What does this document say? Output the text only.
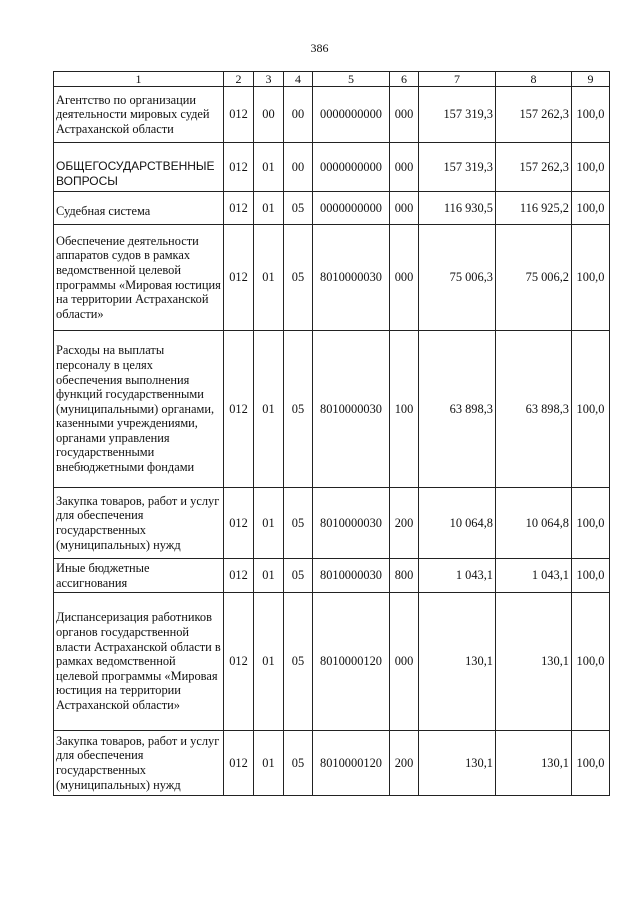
386
1	2	3	4	5	6	7	8	9
Агентство по организации деятельности мировых судей Астраханской области	012	00	00	0000000000	000	157 319,3	157 262,3	100,0
ОБЩЕГОСУДАРСТВЕННЫЕ ВОПРОСЫ	012	01	00	0000000000	000	157 319,3	157 262,3	100,0
Судебная система	012	01	05	0000000000	000	116 930,5	116 925,2	100,0
Обеспечение деятельности аппаратов судов в рамках ведомственной целевой программы «Мировая юстиция на территории Астраханской области»	012	01	05	8010000030	000	75 006,3	75 006,2	100,0
Расходы на выплаты персоналу в целях обеспечения выполнения функций государственными (муниципальными) органами, казенными учреждениями, органами управления государственными внебюджетными фондами	012	01	05	8010000030	100	63 898,3	63 898,3	100,0
Закупка товаров, работ и услуг для обеспечения государственных (муниципальных) нужд	012	01	05	8010000030	200	10 064,8	10 064,8	100,0
Иные бюджетные ассигнования	012	01	05	8010000030	800	1 043,1	1 043,1	100,0
Диспансеризация работников органов государственной власти Астраханской области в рамках ведомственной целевой программы «Мировая юстиция на территории Астраханской области»	012	01	05	8010000120	000	130,1	130,1	100,0
Закупка товаров, работ и услуг для обеспечения государственных (муниципальных) нужд	012	01	05	8010000120	200	130,1	130,1	100,0
